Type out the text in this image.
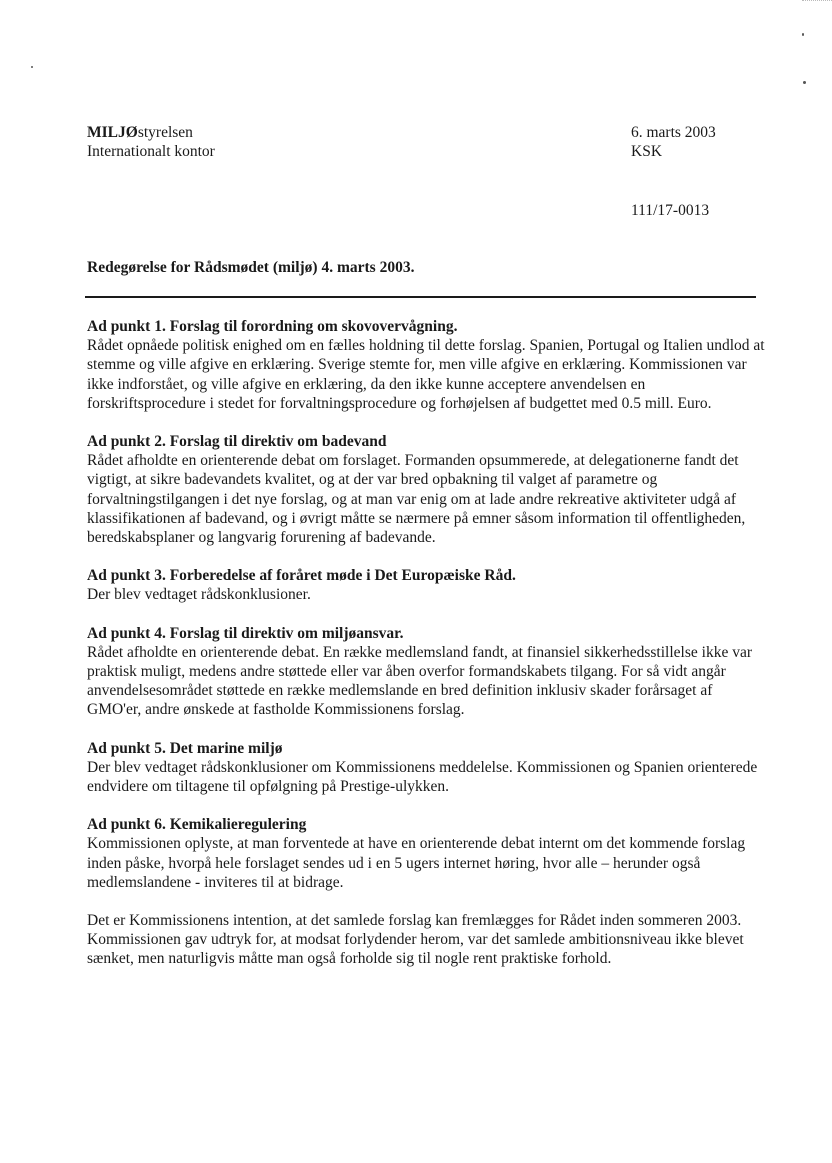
MILJØstyrelsen
Internationalt kontor
6. marts 2003
KSK
111/17-0013
Redegørelse for Rådsmødet (miljø) 4. marts 2003.
Ad punkt 1. Forslag til forordning om skovovervågning.

Rådet opnåede politisk enighed om en fælles holdning til dette forslag. Spanien, Portugal og Italien undlod at stemme og ville afgive en erklæring. Sverige stemte for, men ville afgive en erklæring. Kommissionen var ikke indforstået, og ville afgive en erklæring, da den ikke kunne acceptere anvendelsen en forskriftsprocedure i stedet for forvaltningsprocedure og forhøjelsen af budgettet med 0.5 mill. Euro.

Ad punkt 2. Forslag til direktiv om badevand

Rådet afholdte en orienterende debat om forslaget. Formanden opsummerede, at delegationerne fandt det vigtigt, at sikre badevandets kvalitet, og at der var bred opbakning til valget af parametre og forvaltningstilgangen i det nye forslag, og at man var enig om at lade andre rekreative aktiviteter udgå af klassifikationen af badevand, og i øvrigt måtte se nærmere på emner såsom information til offentligheden, beredskabsplaner og langvarig forurening af badevande.

Ad punkt 3. Forberedelse af foråret møde i Det Europæiske Råd.

Der blev vedtaget rådskonklusioner.

Ad punkt 4. Forslag til direktiv om miljøansvar.

Rådet afholdte en orienterende debat. En række medlemsland fandt, at finansiel sikkerhedsstillelse ikke var praktisk muligt, medens andre støttede eller var åben overfor formandskabets tilgang. For så vidt angår anvendelsesområdet støttede en række medlemslande en bred definition inklusiv skader forårsaget af GMO'er, andre ønskede at fastholde Kommissionens forslag.

Ad punkt 5. Det marine miljø

Der blev vedtaget rådskonklusioner om Kommissionens meddelelse. Kommissionen og Spanien orienterede endvidere om tiltagene til opfølgning på Prestige-ulykken.

Ad punkt 6. Kemikalieregulering

Kommissionen oplyste, at man forventede at have en orienterende debat internt om det kommende forslag inden påske, hvorpå hele forslaget sendes ud i en 5 ugers internet høring, hvor alle – herunder også medlemslandene - inviteres til at bidrage.

Det er Kommissionens intention, at det samlede forslag kan fremlægges for Rådet inden sommeren 2003. Kommissionen gav udtryk for, at modsat forlydender herom, var det samlede ambitionsniveau ikke blevet sænket, men naturligvis måtte man også forholde sig til nogle rent praktiske forhold.
